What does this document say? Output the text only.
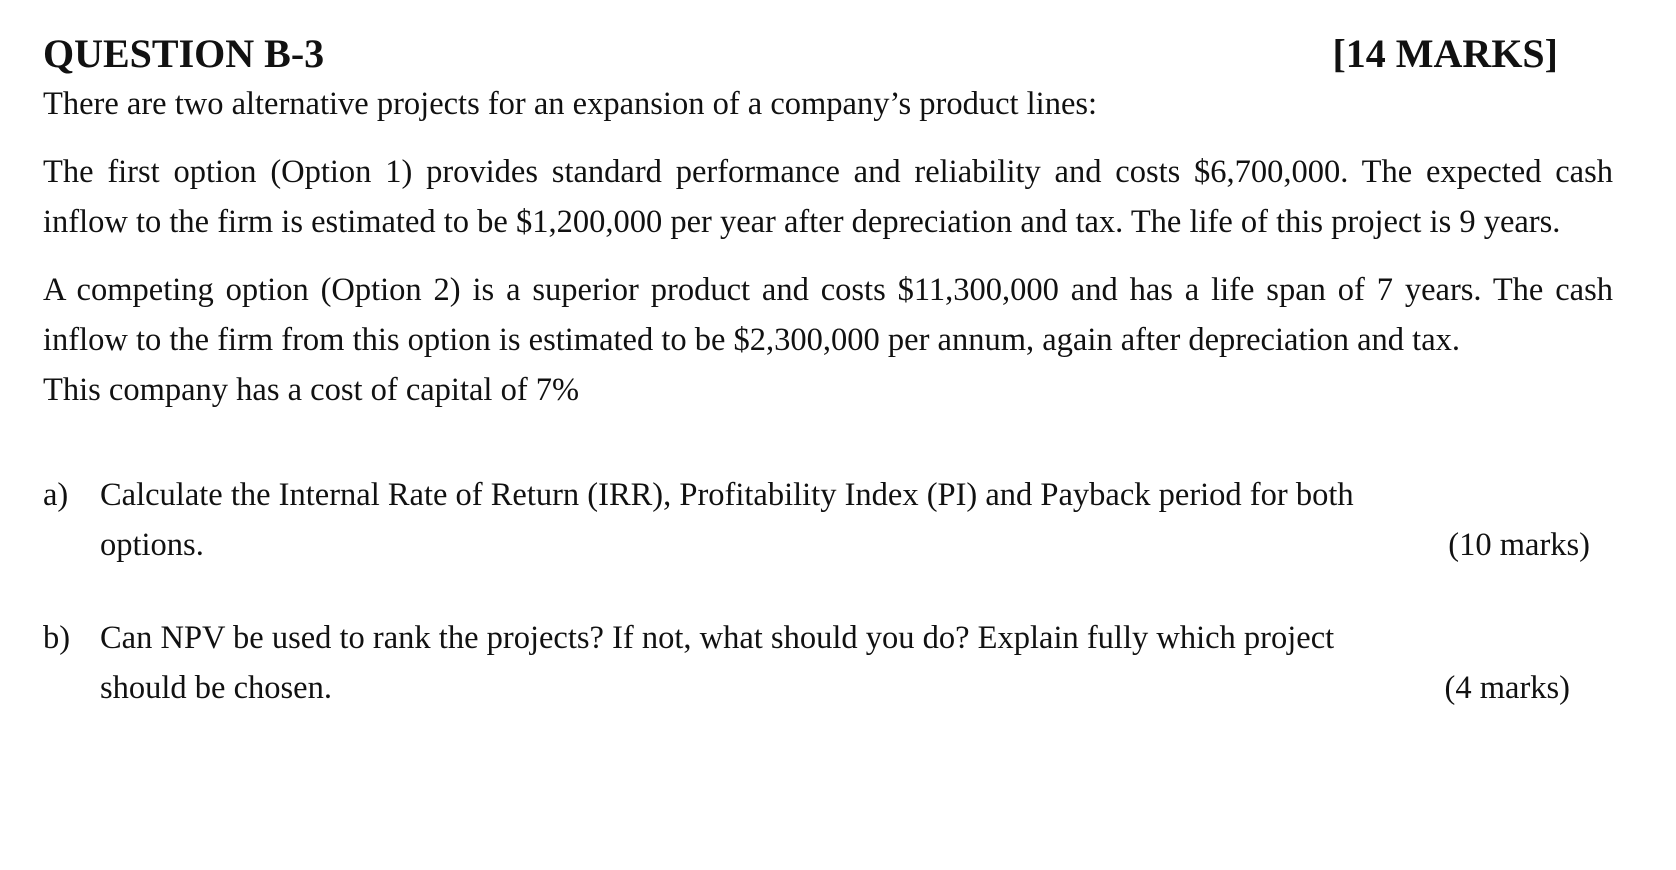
QUESTION B-3	[14 MARKS]
There are two alternative projects for an expansion of a company’s product lines:
The first option (Option 1) provides standard performance and reliability and costs $6,700,000. The expected cash inflow to the firm is estimated to be $1,200,000 per year after depreciation and tax. The life of this project is 9 years.
A competing option (Option 2) is a superior product and costs $11,300,000 and has a life span of 7 years. The cash inflow to the firm from this option is estimated to be $2,300,000 per annum, again after depreciation and tax.
This company has a cost of capital of 7%
a) Calculate the Internal Rate of Return (IRR), Profitability Index (PI) and Payback period for both
options.	(10 marks)
b) Can NPV be used to rank the projects? If not, what should you do? Explain fully which project
should be chosen.	(4 marks)
